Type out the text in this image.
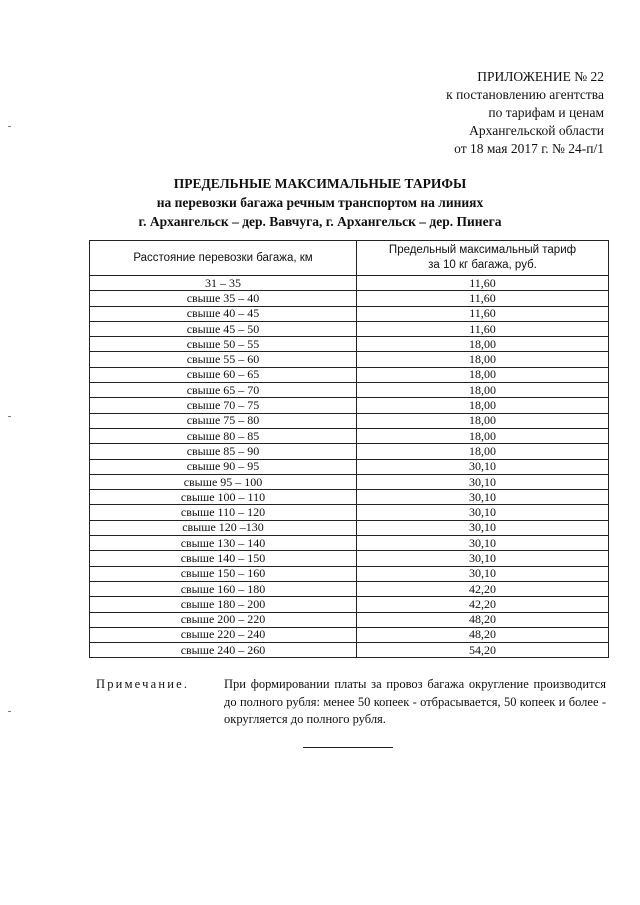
ПРИЛОЖЕНИЕ № 22
к постановлению агентства
по тарифам и ценам
Архангельской области
от 18 мая 2017 г. № 24-п/1
ПРЕДЕЛЬНЫЕ МАКСИМАЛЬНЫЕ ТАРИФЫ
на перевозки багажа речным транспортом на линиях
г. Архангельск – дер. Вавчуга, г. Архангельск – дер. Пинега
Расстояние перевозки багажа, км	Предельный максимальный тариф
за 10 кг багажа, руб.

31 – 35	11,60
свыше 35 – 40	11,60
свыше 40 – 45	11,60
свыше 45 – 50	11,60
свыше 50 – 55	18,00
свыше 55 – 60	18,00
свыше 60 – 65	18,00
свыше 65 – 70	18,00
свыше 70 – 75	18,00
свыше 75 – 80	18,00
свыше 80 – 85	18,00
свыше 85 – 90	18,00
свыше 90 – 95	30,10
свыше 95 – 100	30,10
свыше 100 – 110	30,10
свыше 110 – 120	30,10
свыше 120 –130	30,10
свыше 130 – 140	30,10
свыше 140 – 150	30,10
свыше 150 – 160	30,10
свыше 160 – 180	42,20
свыше 180 – 200	42,20
свыше 200 – 220	48,20
свыше 220 – 240	48,20
свыше 240 – 260	54,20
Примечание.	При формировании платы за провоз багажа округление производится до полного рубля: менее 50 копеек - отбрасывается, 50 копеек и более - округляется до полного рубля.
